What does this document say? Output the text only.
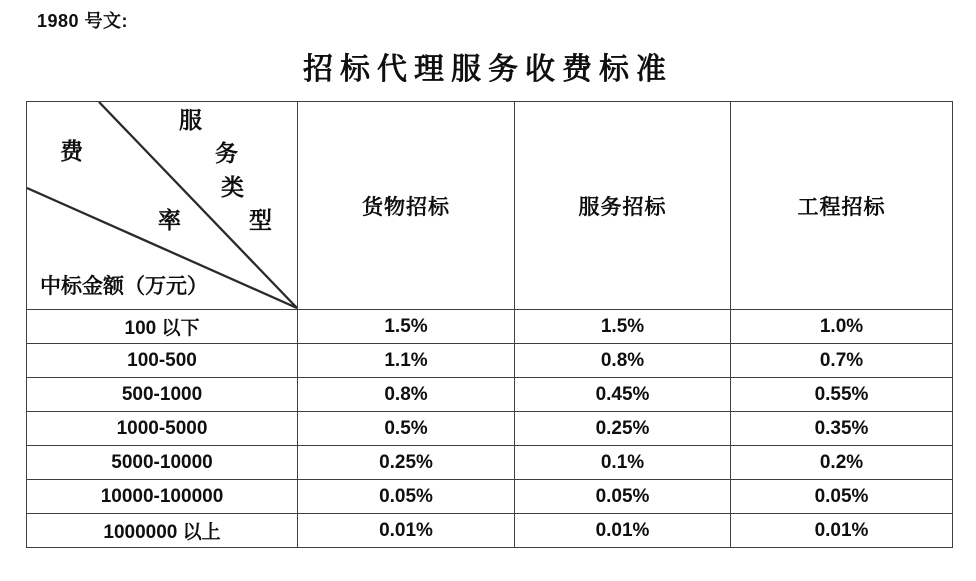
1980 号文:
招标代理服务收费标准
费
率
服
务
类
型
中标金额（万元）
	货物招标	服务招标	工程招标
100 以下	1.5%	1.5%	1.0%
100-500	1.1%	0.8%	0.7%
500-1000	0.8%	0.45%	0.55%
1000-5000	0.5%	0.25%	0.35%
5000-10000	0.25%	0.1%	0.2%
10000-100000	0.05%	0.05%	0.05%
1000000 以上	0.01%	0.01%	0.01%
